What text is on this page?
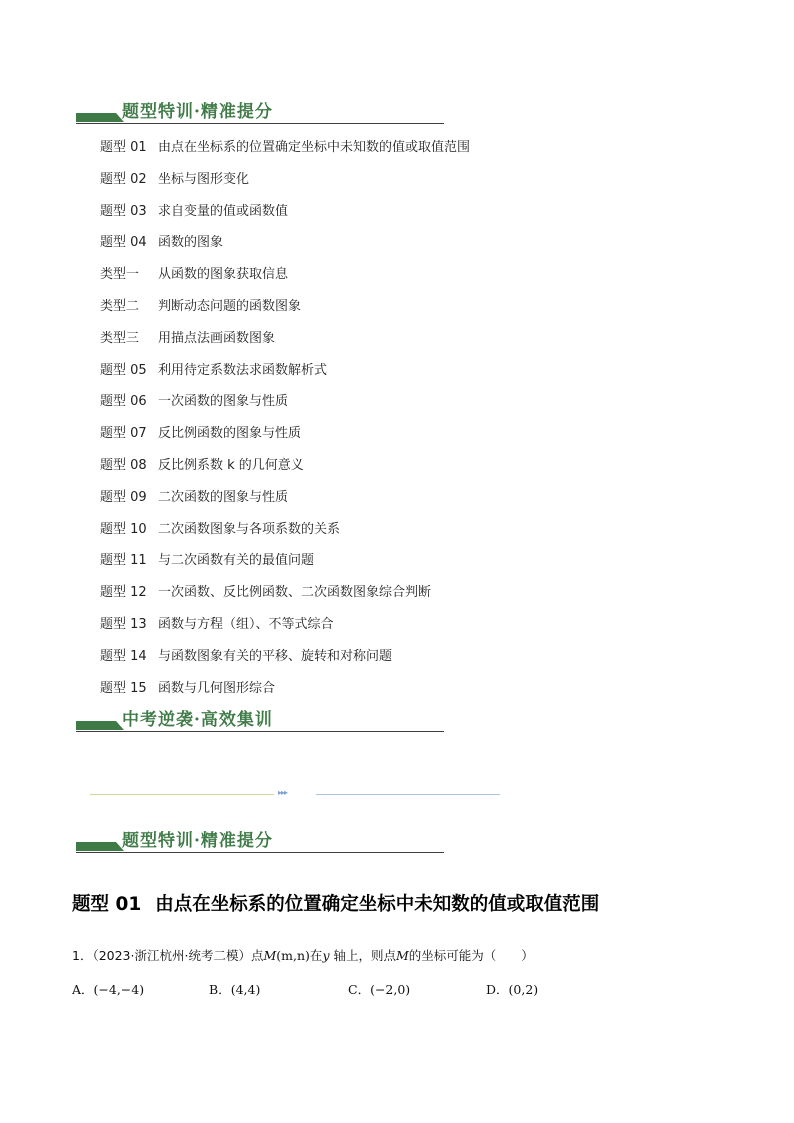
题型特训·精准提分
题型 01 由点在坐标系的位置确定坐标中未知数的值或取值范围
题型 02 坐标与图形变化
题型 03 求自变量的值或函数值
题型 04 函数的图象
类型一 从函数的图象获取信息
类型二 判断动态问题的函数图象
类型三 用描点法画函数图象
题型 05 利用待定系数法求函数解析式
题型 06 一次函数的图象与性质
题型 07 反比例函数的图象与性质
题型 08 反比例系数 k 的几何意义
题型 09 二次函数的图象与性质
题型 10 二次函数图象与各项系数的关系
题型 11 与二次函数有关的最值问题
题型 12 一次函数、反比例函数、二次函数图象综合判断
题型 13 函数与方程（组）、不等式综合
题型 14 与函数图象有关的平移、旋转和对称问题
题型 15 函数与几何图形综合
中考逆袭·高效集训
▸▸▸
题型特训·精准提分
题型 01 由点在坐标系的位置确定坐标中未知数的值或取值范围
1．（2023·浙江杭州·统考二模）点M(m,n)在y 轴上，则点M的坐标可能为（　　）
A．(−4,−4)	B．(4,4)	C．(−2,0)	D．(0,2)
